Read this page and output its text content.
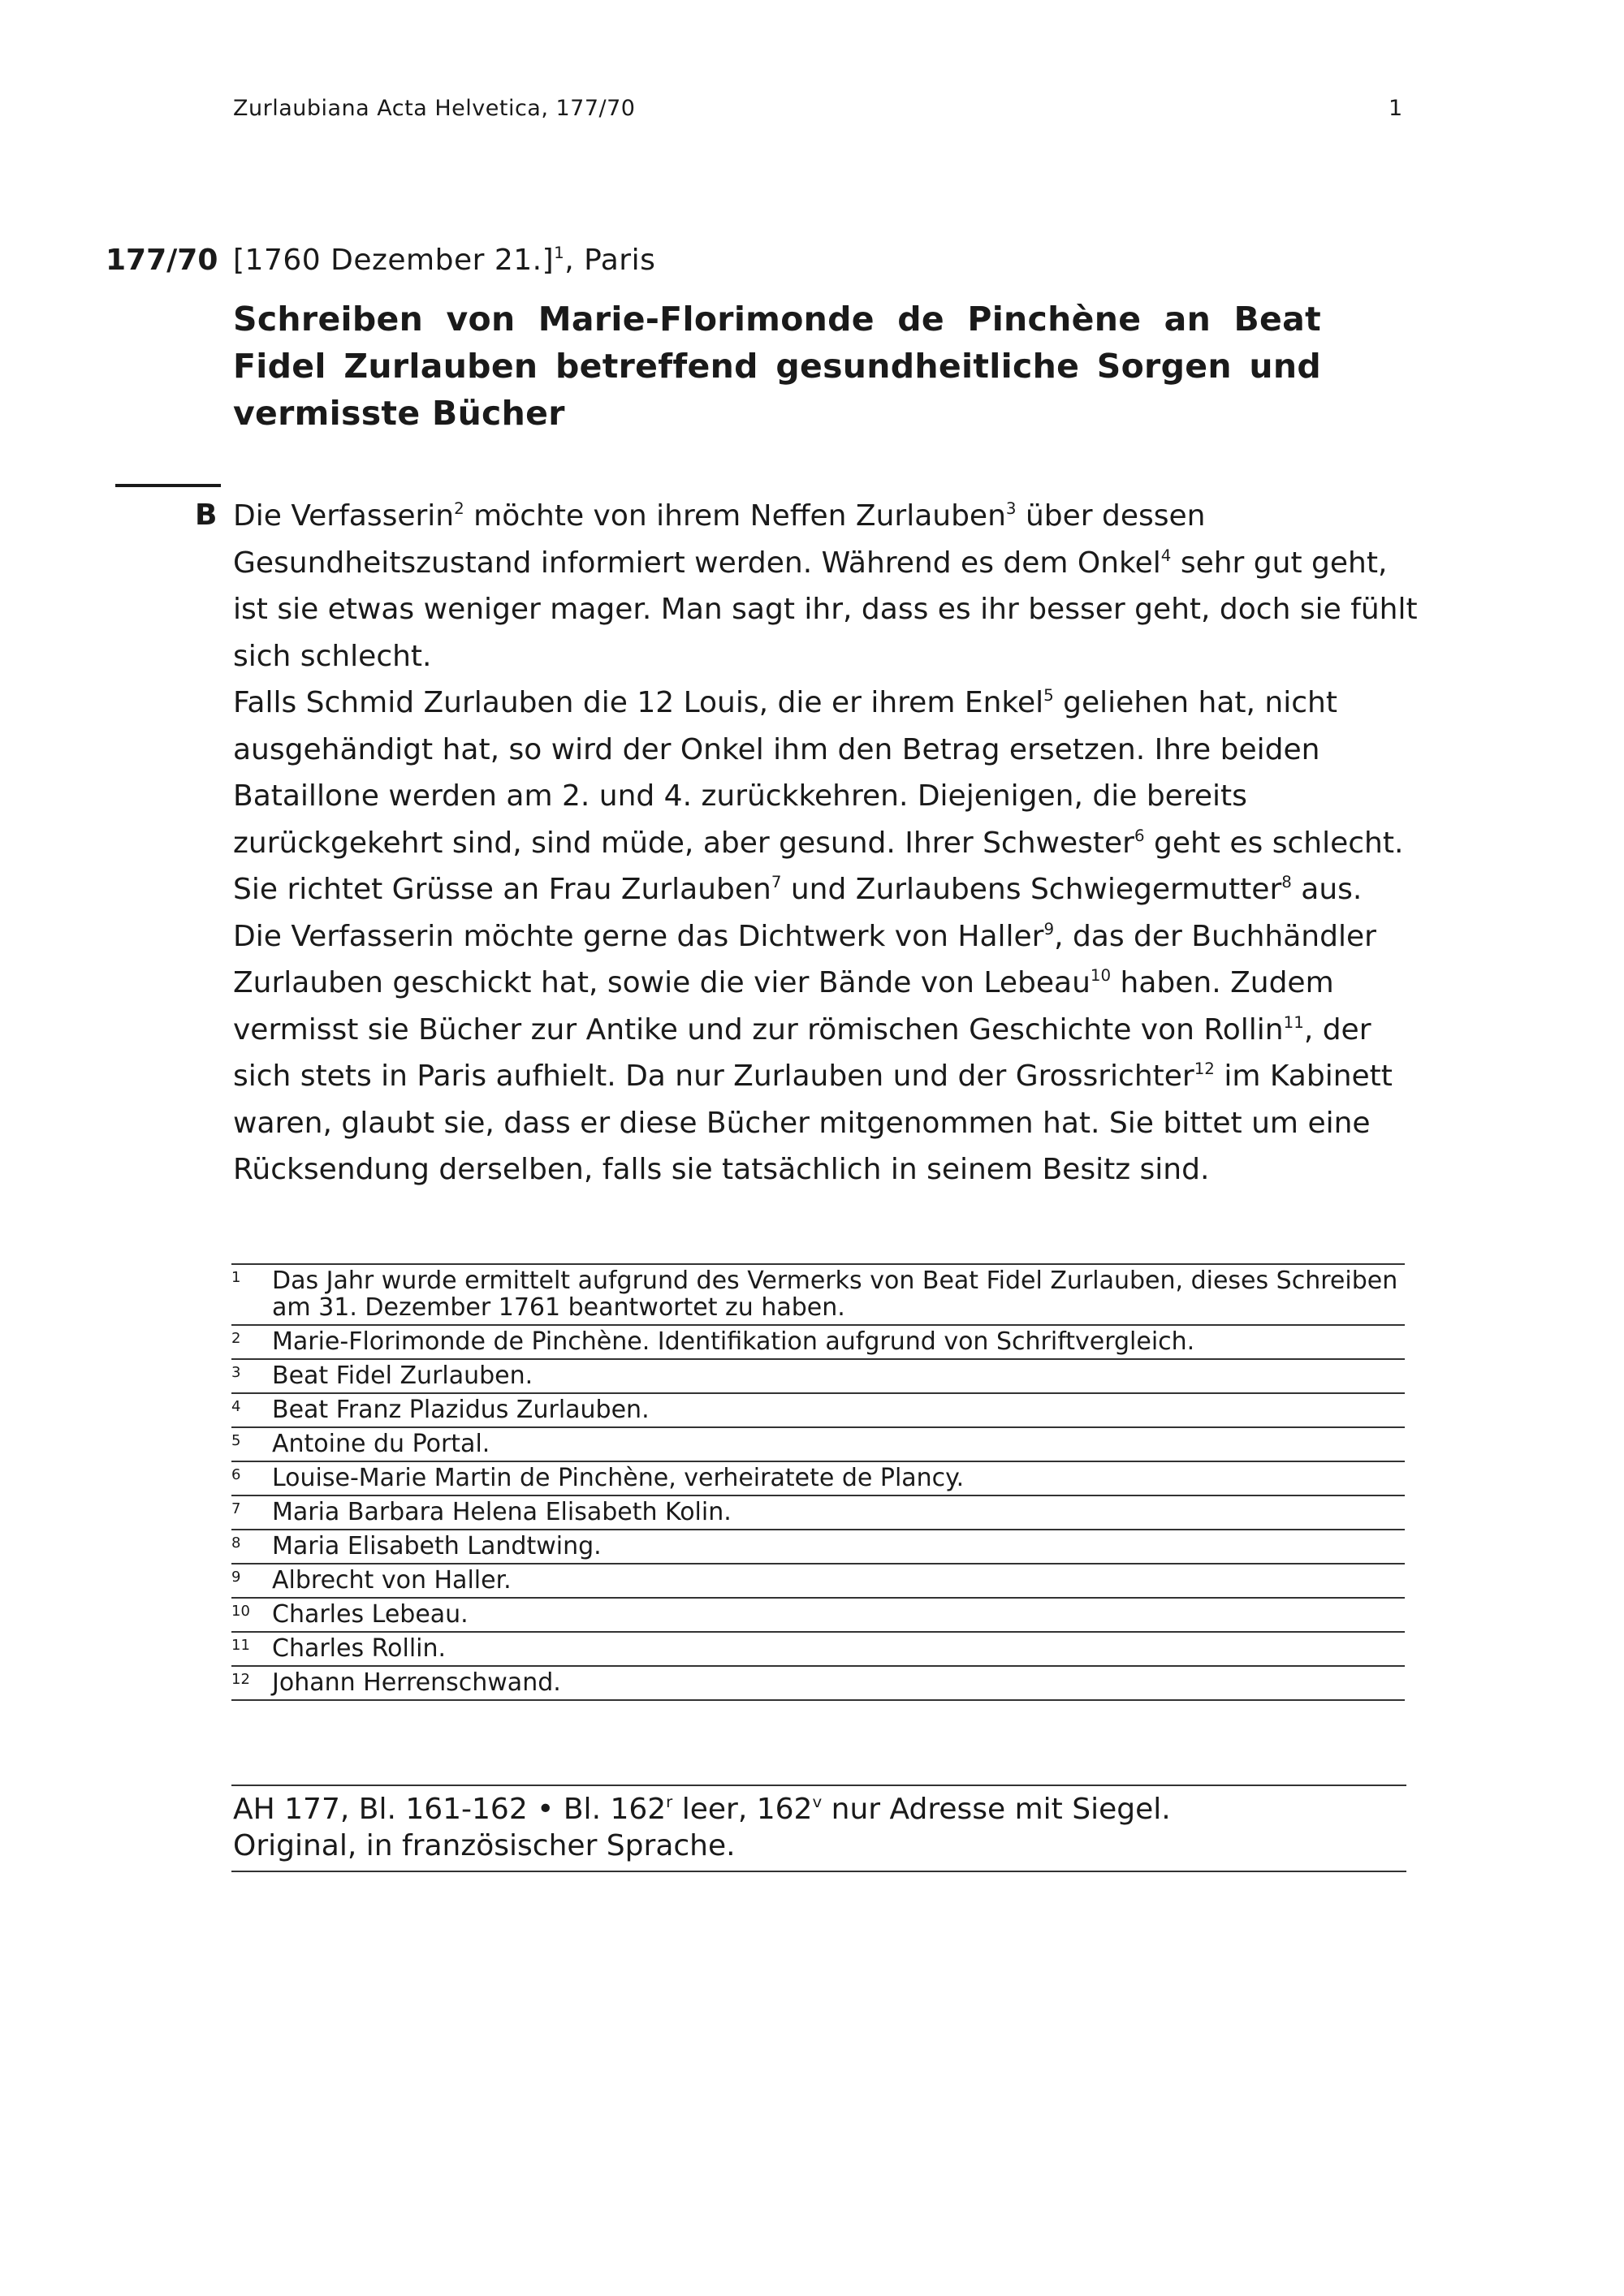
Zurlaubiana Acta Helvetica, 177/70	1
177/70 [1760 Dezember 21.]$^1$, Paris
Schreiben von Marie-Florimonde de Pinchène an Beat Fidel Zurlauben betreffend gesundheitliche Sorgen und vermisste Bücher
B Die Verfasserin$^2$ möchte von ihrem Neffen Zurlauben$^3$ über dessen Gesundheitszustand informiert werden. Während es dem Onkel$^4$ sehr gut geht, ist sie etwas weniger mager. Man sagt ihr, dass es ihr besser geht, doch sie fühlt sich schlecht.

Falls Schmid Zurlauben die 12 Louis, die er ihrem Enkel$^5$ geliehen hat, nicht ausgehändigt hat, so wird der Onkel ihm den Betrag ersetzen. Ihre beiden Bataillone werden am 2. und 4. zurückkehren. Diejenigen, die bereits zurückgekehrt sind, sind müde, aber gesund. Ihrer Schwester$^6$ geht es schlecht. Sie richtet Grüsse an Frau Zurlauben$^7$ und Zurlaubens Schwiegermutter$^8$ aus. Die Verfasserin möchte gerne das Dichtwerk von Haller$^9$, das der Buchhändler Zurlauben geschickt hat, sowie die vier Bände von Lebeau$^{10}$ haben. Zudem vermisst sie Bücher zur Antike und zur römischen Geschichte von Rollin$^{11}$, der sich stets in Paris aufhielt. Da nur Zurlauben und der Grossrichter$^{12}$ im Kabinett waren, glaubt sie, dass er diese Bücher mitgenommen hat. Sie bittet um eine Rücksendung derselben, falls sie tatsächlich in seinem Besitz sind.

1	Das Jahr wurde ermittelt aufgrund des Vermerks von Beat Fidel Zurlauben, dieses Schreiben am 31. Dezember 1761 beantwortet zu haben.
2	Marie-Florimonde de Pinchène. Identifikation aufgrund von Schriftvergleich.
3	Beat Fidel Zurlauben.
4	Beat Franz Plazidus Zurlauben.
5	Antoine du Portal.
6	Louise-Marie Martin de Pinchène, verheiratete de Plancy.
7	Maria Barbara Helena Elisabeth Kolin.
8	Maria Elisabeth Landtwing.
9	Albrecht von Haller.
10 Charles Lebeau.
11 Charles Rollin.
12 Johann Herrenschwand.
AH 177, Bl. 161-162 • Bl. 162$^r$ leer, 162$^v$ nur Adresse mit Siegel.
Original, in französischer Sprache.
